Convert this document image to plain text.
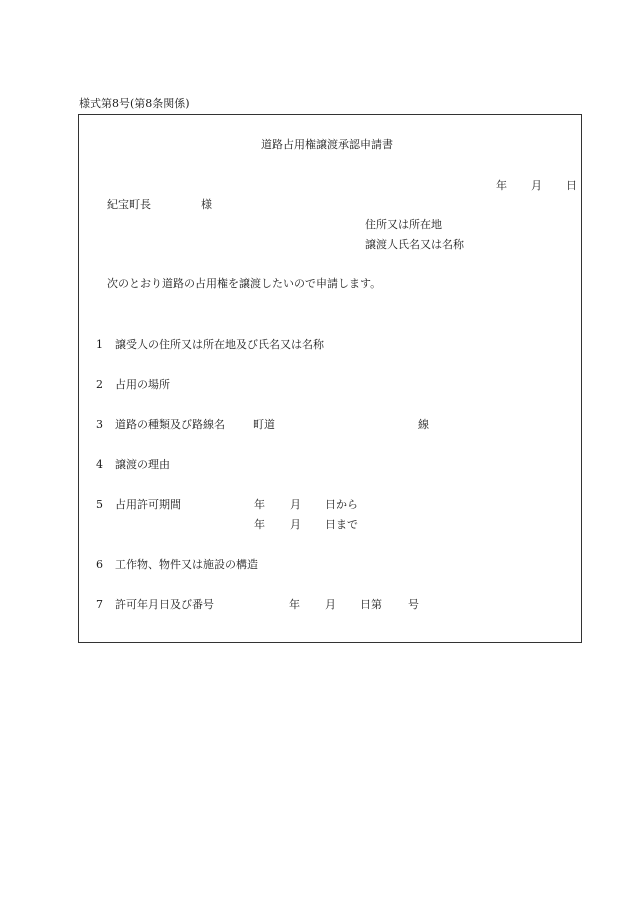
様式第8号(第8条関係)
道路占用権譲渡承認申請書
年 月 日
紀宝町長	様
住所又は所在地
譲渡人氏名又は名称
次のとおり道路の占用権を譲渡したいので申請します。
1 譲受人の住所又は所在地及び氏名又は名称
2 占用の場所
3 道路の種類及び路線名	町道	線
4 譲渡の理由
5 占用許可期間	年 月 日から
年 月 日まで
6 工作物、物件又は施設の構造
7 許可年月日及び番号	年 月 日第 号
